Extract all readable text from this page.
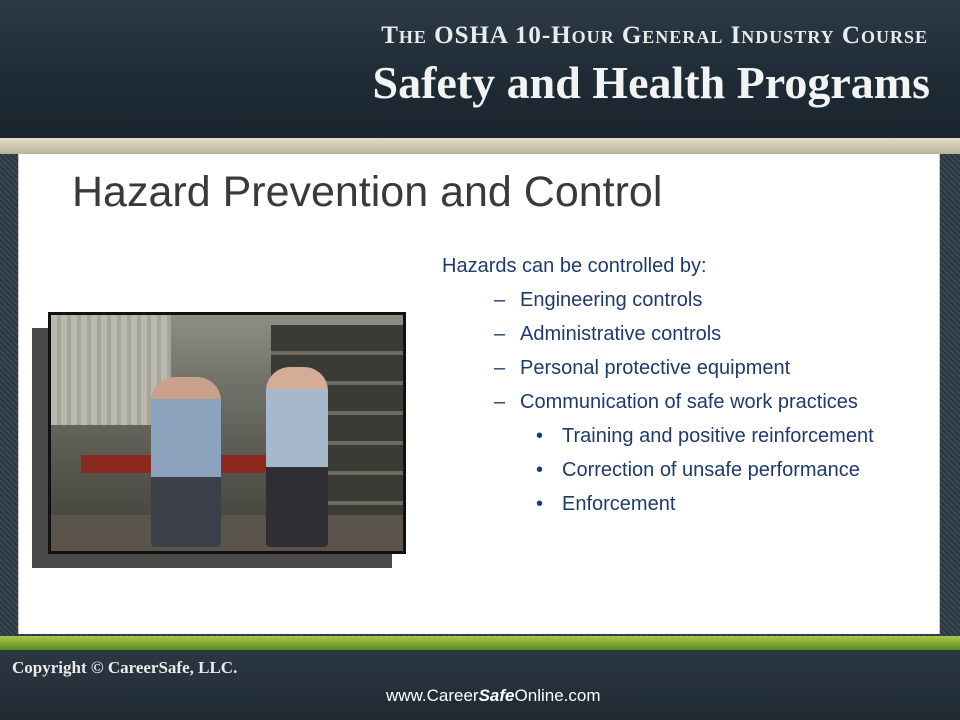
The OSHA 10-Hour General Industry Course
Safety and Health Programs
Hazard Prevention and Control

Hazards can be controlled by:

– Engineering controls
– Administrative controls
– Personal protective equipment
– Communication of safe work practices
• Training and positive reinforcement
• Correction of unsafe performance
• Enforcement
Copyright © CareerSafe, LLC.
www.CareerSafeOnline.com
